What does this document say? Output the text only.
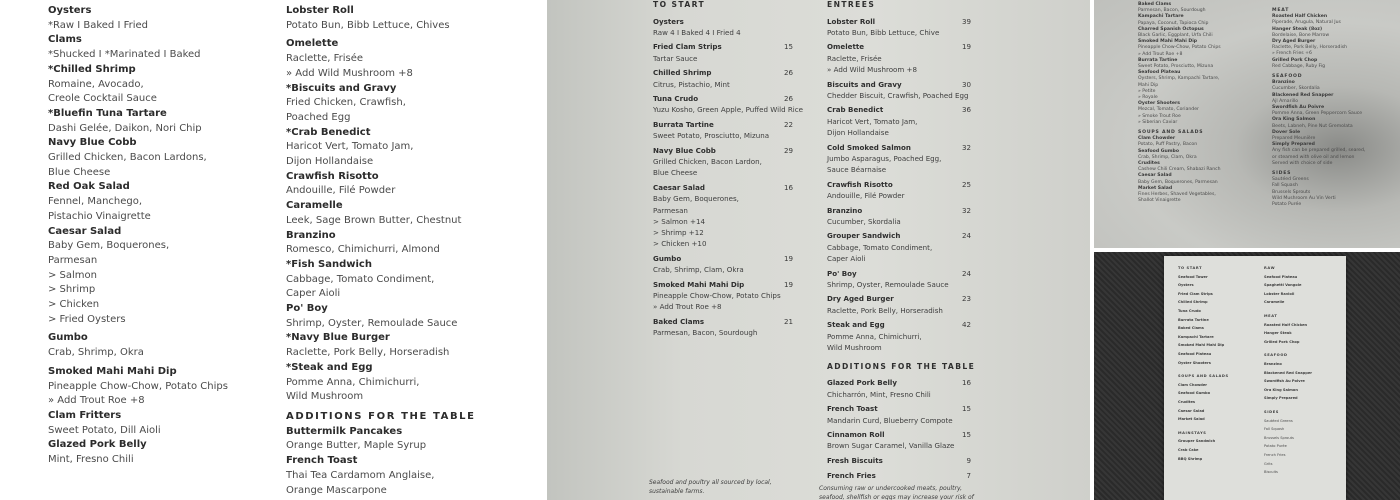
Oysters
*Raw I Baked I Fried
Clams
*Shucked I *Marinated I Baked
*Chilled Shrimp
Romaine, Avocado,
Creole Cocktail Sauce
*Bluefin Tuna Tartare
Dashi Gelée, Daikon, Nori Chip
Navy Blue Cobb
Grilled Chicken, Bacon Lardons,
Blue Cheese
Red Oak Salad
Fennel, Manchego,
Pistachio Vinaigrette
Caesar Salad
Baby Gem, Boquerones,
Parmesan
> Salmon
> Shrimp
> Chicken
> Fried Oysters
Gumbo
Crab, Shrimp, Okra
Smoked Mahi Mahi Dip
Pineapple Chow-Chow, Potato Chips
» Add Trout Roe +8
Clam Fritters
Sweet Potato, Dill Aioli
Glazed Pork Belly
Mint, Fresno Chili
Lobster Roll
Potato Bun, Bibb Lettuce, Chives
Omelette
Raclette, Frisée
» Add Wild Mushroom +8
*Biscuits and Gravy
Fried Chicken, Crawfish,
Poached Egg
*Crab Benedict
Haricot Vert, Tomato Jam,
Dijon Hollandaise
Crawfish Risotto
Andouille, Filé Powder
Caramelle
Leek, Sage Brown Butter, Chestnut
Branzino
Romesco, Chimichurri, Almond
*Fish Sandwich
Cabbage, Tomato Condiment,
Caper Aioli
Po' Boy
Shrimp, Oyster, Remoulade Sauce
*Navy Blue Burger
Raclette, Pork Belly, Horseradish
*Steak and Egg
Pomme Anna, Chimichurri,
Wild Mushroom
ADDITIONS FOR THE TABLE
Buttermilk Pancakes
Orange Butter, Maple Syrup
French Toast
Thai Tea Cardamom Anglaise,
Orange Mascarpone
TO START
Oysters
Raw 4 I Baked 4 I Fried 4
Fried Clam Strips	15
Tartar Sauce
Chilled Shrimp	26
Citrus, Pistachio, Mint
Tuna Crudo	26
Yuzu Kosho, Green Apple, Puffed Wild Rice
Burrata Tartine	22
Sweet Potato, Prosciutto, Mizuna
Navy Blue Cobb	29
Grilled Chicken, Bacon Lardon,
Blue Cheese
Caesar Salad	16
Baby Gem, Boquerones,
Parmesan
> Salmon +14
> Shrimp +12
> Chicken +10
Gumbo	19
Crab, Shrimp, Clam, Okra
Smoked Mahi Mahi Dip	19
Pineapple Chow-Chow, Potato Chips
» Add Trout Roe +8
Baked Clams	21
Parmesan, Bacon, Sourdough
ENTREES
Lobster Roll	39
Potato Bun, Bibb Lettuce, Chive
Omelette	19
Raclette, Frisée
» Add Wild Mushroom +8
Biscuits and Gravy	30
Chedder Biscuit, Crawfish, Poached Egg
Crab Benedict	36
Haricot Vert, Tomato Jam,
Dijon Hollandaise
Cold Smoked Salmon	32
Jumbo Asparagus, Poached Egg,
Sauce Béarnaise
Crawfish Risotto	25
Andouille, Filé Powder
Branzino	32
Cucumber, Skordalia
Grouper Sandwich	24
Cabbage, Tomato Condiment,
Caper Aioli
Po' Boy	24
Shrimp, Oyster, Remoulade Sauce
Dry Aged Burger	23
Raclette, Pork Belly, Horseradish
Steak and Egg	42
Pomme Anna, Chimichurri,
Wild Mushroom
ADDITIONS FOR THE TABLE
Glazed Pork Belly	16
Chicharrón, Mint, Fresno Chili
French Toast	15
Mandarin Curd, Blueberry Compote
Cinnamon Roll	15
Brown Sugar Caramel, Vanilla Glaze
Fresh Biscuits	9
French Fries	7
Seafood and poultry all sourced by local,
sustainable farms.	Consuming raw or undercooked meats, poultry,
seafood, shellfish or eggs may increase your risk of
Baked Clams
Parmesan, Bacon, Sourdough
Kampachi Tartare
Papaya, Coconut, Tapioca Chip
Charred Spanish Octopus
Black Garlic, Eggplant, Urfa Chili
Smoked Mahi Mahi Dip
Pineapple Chow-Chow, Potato Chips
» Add Trout Roe +8
Burrata Tartine
Sweet Potato, Prosciutto, Mizuna
Seafood Plateau
Oysters, Shrimp, Kampachi Tartare,
Mahi Dip
» Petite
» Royale
Oyster Shooters
Mezcal, Tomato, Coriander
» Smoke Trout Roe
» Siberian Caviar
SOUPS AND SALADS
Clam Chowder
Potato, Puff Pastry, Bacon
Seafood Gumbo
Crab, Shrimp, Clam, Okra
Crudites
Cashew Chili Cream, Shabazi Ranch
Caesar Salad
Baby Gem, Boquerones, Parmesan
Market Salad
Fines Herbes, Shaved Vegetables,
Shallot Vinaigrette
MEAT
Roasted Half Chicken
Piperade, Arugula, Natural Jus
Hanger Steak (8oz)
Bordelaise, Bone Marrow
Dry Aged Burger
Raclette, Pork Belly, Horseradish
» French Fries +6
Grilled Pork Chop
Red Cabbage, Ruby Fig
SEAFOOD
Branzino
Cucumber, Skordalia
Blackened Red Snapper
Ajl Amarillo
Swordfish Au Poivre
Pomme Anna, Green Peppercorn Sauce
Ora King Salmon
Beets, Labneh, Pine Nut Gremolata
Dover Sole
Prepared Meunière
Simply Prepared
Any fish can be prepared grilled, seared,
or steamed with olive oil and lemon
Served with choice of side
SIDES
Sautéed Greens
Fall Squash
Brussels Sprouts
Wild Mushroom Au Vin Verti
Potato Purée
TO START
Seafood Tower
Oysters
Fried Clam Strips
Chilled Shrimp
Tuna Crudo
Burrata Tartine
Baked Clams
Kampachi Tartare
Smoked Mahi Mahi Dip
Seafood Plateau
Oyster Shooters
SOUPS AND SALADS
Clam Chowder
Seafood Gumbo
Crudites
Caesar Salad
Market Salad
MAINSTAYS
Grouper Sandwich
Crab Cake
BBQ Shrimp
RAW
Seafood Plateau
Spaghetti Vongole
Lobster Ravioli
Caramelle
MEAT
Roasted Half Chicken
Hanger Steak
Grilled Pork Chop
SEAFOOD
Branzino
Blackened Red Snapper
Swordfish Au Poivre
Ora King Salmon
Simply Prepared
SIDES
Sautéed Greens
Fall Squash
Brussels Sprouts
Potato Purée
French Fries
Grits
Biscuits
